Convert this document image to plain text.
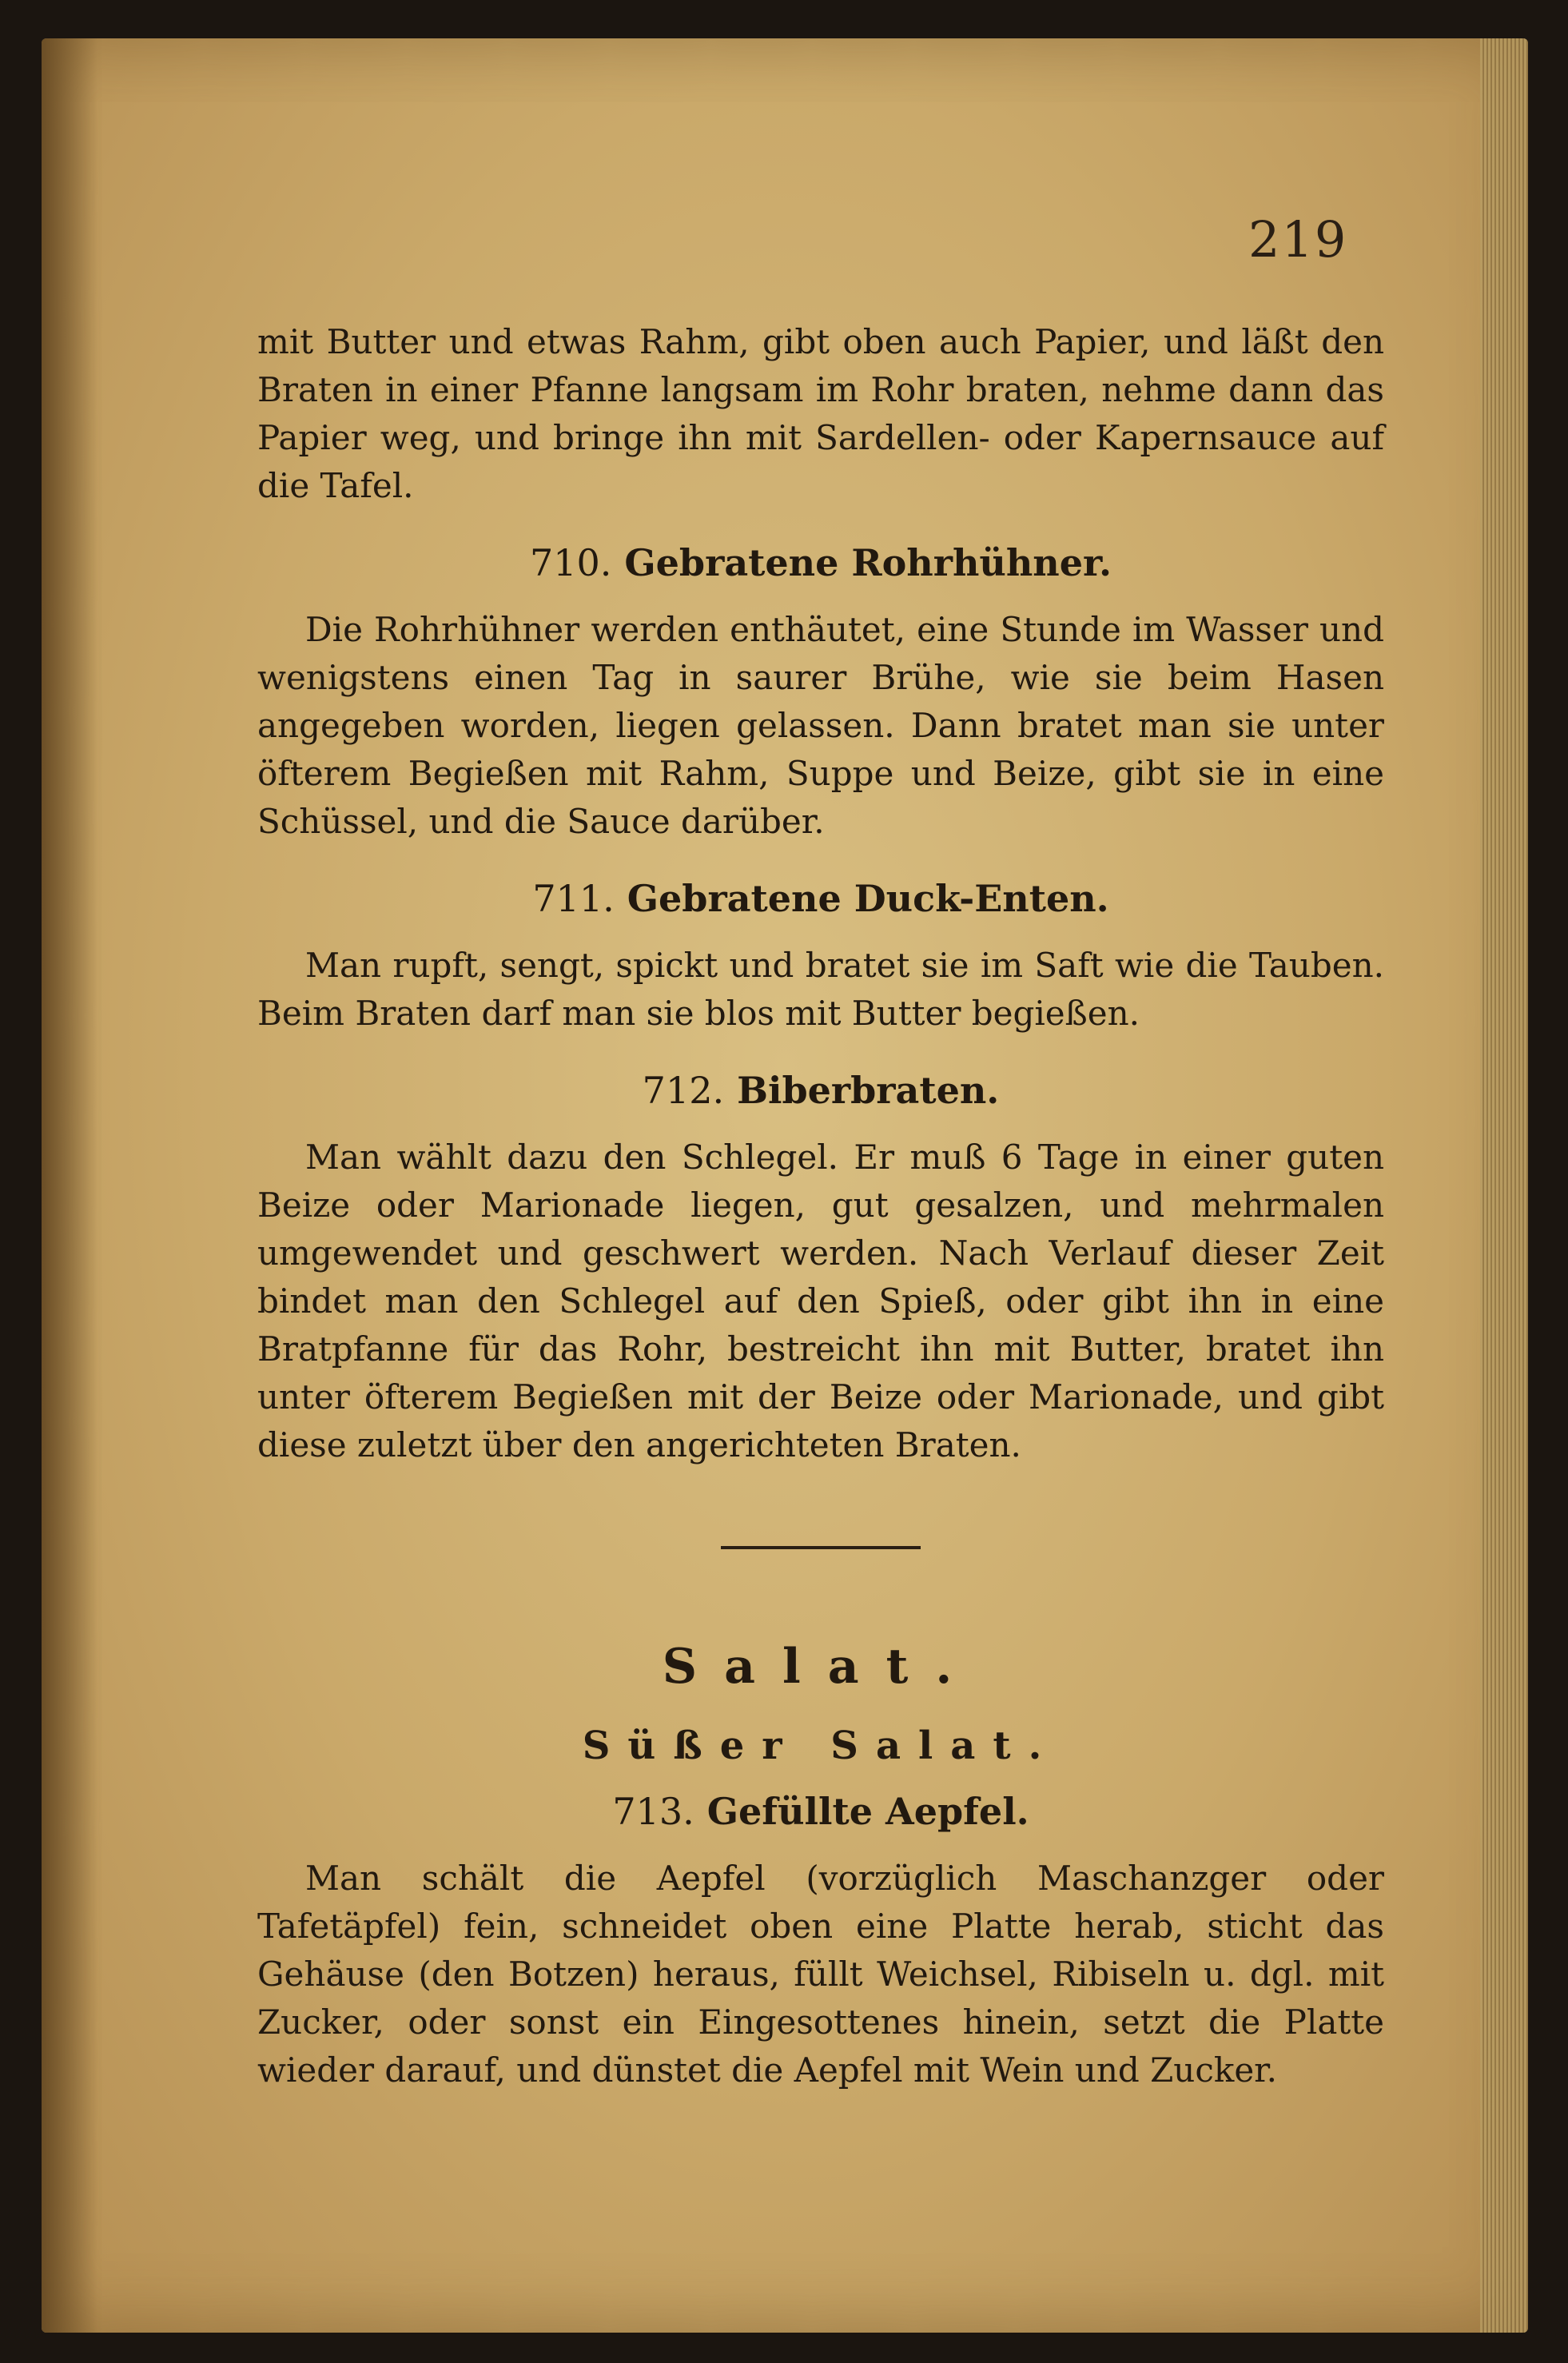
219

mit Butter und etwas Rahm, gibt oben auch Papier, und läßt den Braten in einer Pfanne langsam im Rohr braten, nehme dann das Papier weg, und bringe ihn mit Sardellen- oder Kapernsauce auf die Tafel.

710. Gebratene Rohrhühner.

Die Rohrhühner werden enthäutet, eine Stunde im Wasser und wenigstens einen Tag in saurer Brühe, wie sie beim Hasen angegeben worden, liegen gelassen. Dann bratet man sie unter öfterem Begießen mit Rahm, Suppe und Beize, gibt sie in eine Schüssel, und die Sauce darüber.

711. Gebratene Duck-Enten.

Man rupft, sengt, spickt und bratet sie im Saft wie die Tauben. Beim Braten darf man sie blos mit Butter begießen.

712. Biberbraten.

Man wählt dazu den Schlegel. Er muß 6 Tage in einer guten Beize oder Marionade liegen, gut gesalzen, und mehrmalen umgewendet und geschwert werden. Nach Verlauf dieser Zeit bindet man den Schlegel auf den Spieß, oder gibt ihn in eine Bratpfanne für das Rohr, bestreicht ihn mit Butter, bratet ihn unter öfterem Begießen mit der Beize oder Marionade, und gibt diese zuletzt über den angerichteten Braten.

Salat.
Süßer Salat.
713. Gefüllte Aepfel.

Man schält die Aepfel (vorzüglich Maschanzger oder Tafetäpfel) fein, schneidet oben eine Platte herab, sticht das Gehäuse (den Botzen) heraus, füllt Weichsel, Ribiseln u. dgl. mit Zucker, oder sonst ein Eingesottenes hinein, setzt die Platte wieder darauf, und dünstet die Aepfel mit Wein und Zucker.
